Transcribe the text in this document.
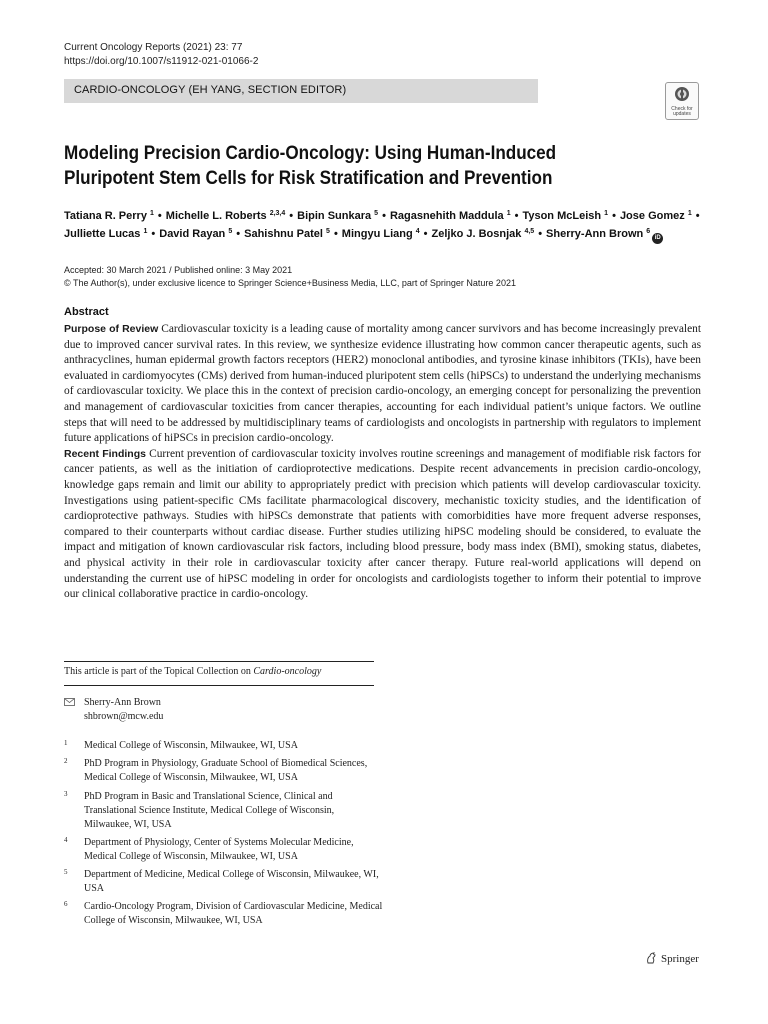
Current Oncology Reports (2021) 23: 77
https://doi.org/10.1007/s11912-021-01066-2
CARDIO-ONCOLOGY (EH YANG, SECTION EDITOR)
Check for updates
Modeling Precision Cardio-Oncology: Using Human-Induced
Pluripotent Stem Cells for Risk Stratification and Prevention
Tatiana R. Perry $^1$ • Michelle L. Roberts $^{2,3,4}$ • Bipin Sunkara $^5$ • Ragasnehith Maddula $^1$ • Tyson McLeish $^1$ • Jose Gomez $^1$ •
Julliette Lucas $^1$ • David Rayan $^5$ • Sahishnu Patel $^5$ • Mingyu Liang $^4$ • Zeljko J. Bosnjak $^{4,5}$ • Sherry-Ann Brown $^6$iD
Accepted: 30 March 2021 / Published online: 3 May 2021
© The Author(s), under exclusive licence to Springer Science+Business Media, LLC, part of Springer Nature 2021
Abstract

Purpose of Review Cardiovascular toxicity is a leading cause of mortality among cancer survivors and has become increasingly prevalent due to improved cancer survival rates. In this review, we synthesize evidence illustrating how common cancer therapeutic agents, such as anthracyclines, human epidermal growth factors receptors (HER2) monoclonal antibodies, and tyrosine kinase inhibitors (TKIs), have been evaluated in cardiomyocytes (CMs) derived from human-induced pluripotent stem cells (hiPSCs) to understand the underlying mechanisms of cardiovascular toxicity. We place this in the context of precision cardio-oncology, an emerging concept for personalizing the prevention and management of cardiovascular toxicities from cancer therapies, accounting for each individual patient’s unique factors. We outline steps that will need to be addressed by multidisciplinary teams of cardiologists and oncologists in partnership with regulators to implement future applications of hiPSCs in precision cardio-oncology.

Recent Findings Current prevention of cardiovascular toxicity involves routine screenings and management of modifiable risk factors for cancer patients, as well as the initiation of cardioprotective medications. Despite recent advancements in precision cardio-oncology, knowledge gaps remain and limit our ability to appropriately predict with precision which patients will develop cardiovascular toxicity. Investigations using patient-specific CMs facilitate pharmacological discovery, mechanistic toxicity studies, and the identification of cardioprotective pathways. Studies with hiPSCs demonstrate that patients with comorbidities have more frequent adverse responses, compared to their counterparts without cardiac disease. Further studies utilizing hiPSC modeling should be considered, to evaluate the impact and mitigation of known cardiovascular risk factors, including blood pressure, body mass index (BMI), smoking status, diabetes, and physical activity in their role in cardiovascular toxicity after cancer therapy. Future real-world applications will depend on understanding the current use of hiPSC modeling in order for oncologists and cardiologists together to inform their potential to improve our clinical collaborative practice in cardio-oncology.

This article is part of the Topical Collection on Cardio-oncology
Sherry-Ann Brown
shbrown@mcw.edu
1 Medical College of Wisconsin, Milwaukee, WI, USA
2 PhD Program in Physiology, Graduate School of Biomedical Sciences, Medical College of Wisconsin, Milwaukee, WI, USA
3 PhD Program in Basic and Translational Science, Clinical and Translational Science Institute, Medical College of Wisconsin, Milwaukee, WI, USA
4 Department of Physiology, Center of Systems Molecular Medicine, Medical College of Wisconsin, Milwaukee, WI, USA
5 Department of Medicine, Medical College of Wisconsin, Milwaukee, WI, USA
6 Cardio-Oncology Program, Division of Cardiovascular Medicine, Medical College of Wisconsin, Milwaukee, WI, USA
Springer
